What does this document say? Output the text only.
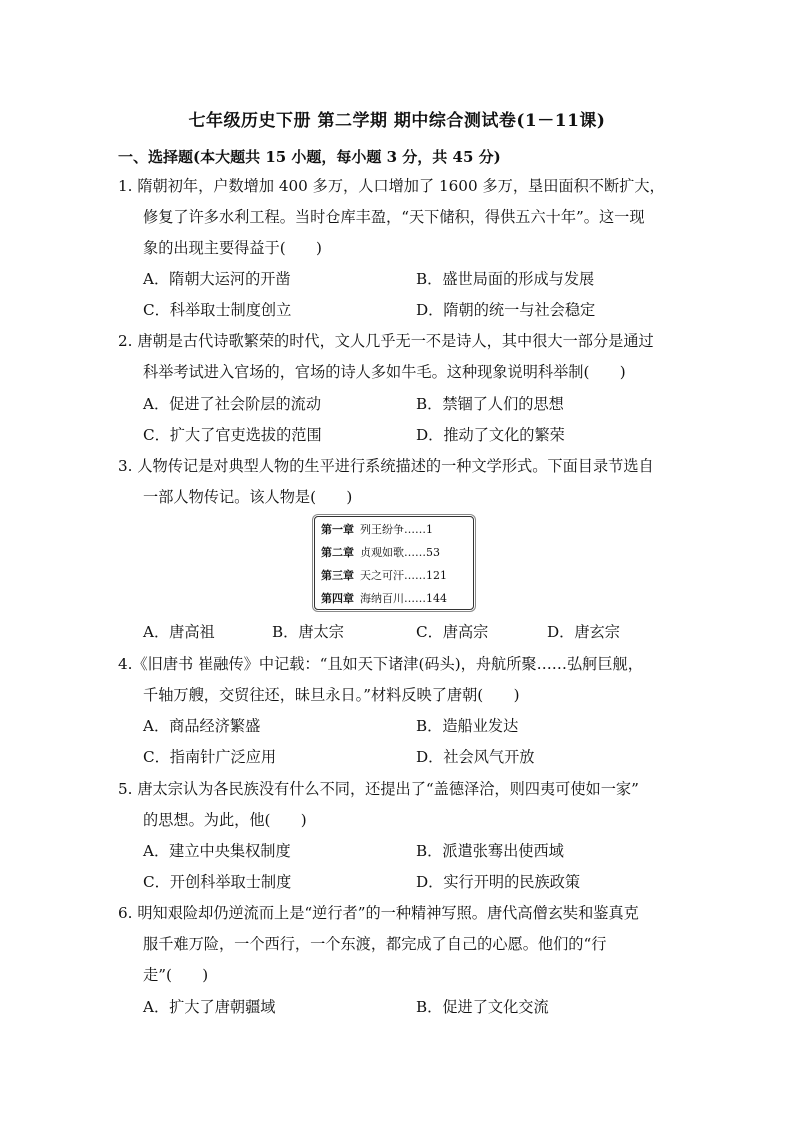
七年级历史下册 第二学期 期中综合测试卷(1－11课)
一、选择题(本大题共 15 小题，每小题 3 分，共 45 分)
1. 隋朝初年，户数增加 400 多万，人口增加了 1600 多万，垦田面积不断扩大，
修复了许多水利工程。当时仓库丰盈，“天下储积，得供五六十年”。这一现
象的出现主要得益于(　　)
A．隋朝大运河的开凿	B．盛世局面的形成与发展
C．科举取士制度创立	D．隋朝的统一与社会稳定
2. 唐朝是古代诗歌繁荣的时代，文人几乎无一不是诗人，其中很大一部分是通过
科举考试进入官场的，官场的诗人多如牛毛。这种现象说明科举制(　　)
A．促进了社会阶层的流动	B．禁锢了人们的思想
C．扩大了官吏选拔的范围	D．推动了文化的繁荣
3. 人物传记是对典型人物的生平进行系统描述的一种文学形式。下面目录节选自
一部人物传记。该人物是(　　)
第一章 列王纷争……1
第二章 贞观如歌……53
第三章 天之可汗……121
第四章 海纳百川……144
A．唐高祖	B．唐太宗	C．唐高宗	D．唐玄宗
4.《旧唐书 崔融传》中记载：“且如天下诸津(码头)，舟航所聚……弘舸巨舰，
千轴万艘，交贸往还，昧旦永日。”材料反映了唐朝(　　)
A．商品经济繁盛	B．造船业发达
C．指南针广泛应用	D．社会风气开放
5. 唐太宗认为各民族没有什么不同，还提出了“盖德泽洽，则四夷可使如一家”
的思想。为此，他(　　)
A．建立中央集权制度	B．派遣张骞出使西域
C．开创科举取士制度	D．实行开明的民族政策
6. 明知艰险却仍逆流而上是“逆行者”的一种精神写照。唐代高僧玄奘和鉴真克
服千难万险，一个西行，一个东渡，都完成了自己的心愿。他们的“行
走”(　　)
A．扩大了唐朝疆域	B．促进了文化交流
